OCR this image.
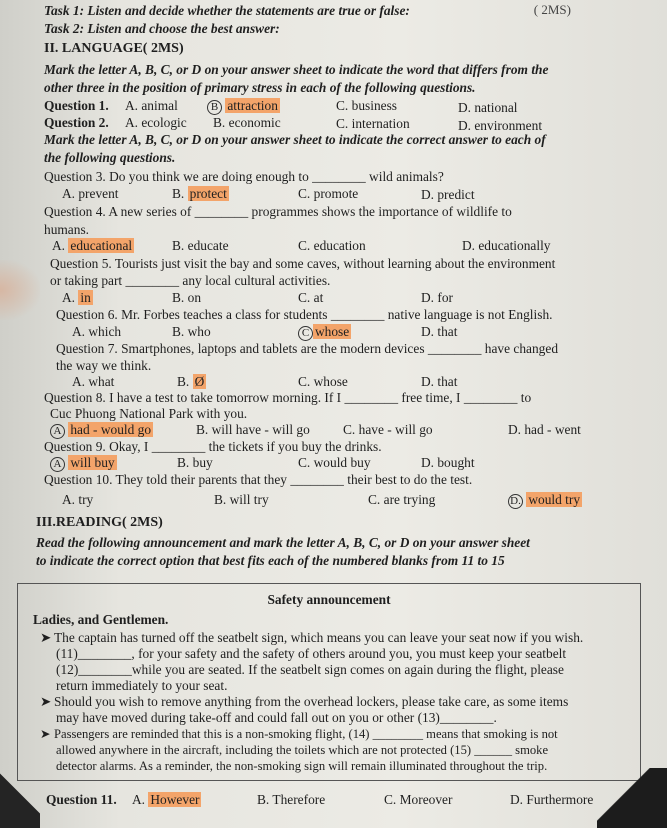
( 2MS)
Task 1: Listen and decide whether the statements are true or false:
Task 2: Listen and choose the best answer:
II. LANGUAGE( 2MS)
Mark the letter A, B, C, or D on your answer sheet to indicate the word that differs from the
other three in the position of primary stress in each of the following questions.
Question 1. A. animal	B attraction	C. business	D. national
Question 2. A. ecologic B. economic	C. internation	D. environment
Mark the letter A, B, C, or D on your answer sheet to indicate the correct answer to each of
the following questions.
Question 3. Do you think we are doing enough to ________ wild animals?
A. prevent	B. protect	C. promote	D. predict
Question 4. A new series of ________ programmes shows the importance of wildlife to
humans.
A. educational	B. educate	C. education	D. educationally
Question 5. Tourists just visit the bay and some caves, without learning about the environment
or taking part ________ any local cultural activities.
A. in	B. on	C. at	D. for
Question 6. Mr. Forbes teaches a class for students ________ native language is not English.
A. which	B. who	C whose	D. that
Question 7. Smartphones, laptops and tablets are the modern devices ________ have changed
the way we think.
A. what	B. Ø	C. whose	D. that
Question 8. I have a test to take tomorrow morning. If I ________ free time, I ________ to
Cuc Phuong National Park with you.
A had - would go	B. will have - will go C. have - will go	D. had - went
Question 9. Okay, I ________ the tickets if you buy the drinks.
A will buy	B. buy	C. would buy	D. bought
Question 10. They told their parents that they ________ their best to do the test.
A. try	B. will try	C. are trying	D. would try
III.READING( 2MS)
Read the following announcement and mark the letter A, B, C, or D on your answer sheet
to indicate the correct option that best fits each of the numbered blanks from 11 to 15
Safety announcement
Ladies, and Gentlemen.
➤ The captain has turned off the seatbelt sign, which means you can leave your seat now if you wish.
(11)________, for your safety and the safety of others around you, you must keep your seatbelt
(12)________while you are seated. If the seatbelt sign comes on again during the flight, please
return immediately to your seat.
➤ Should you wish to remove anything from the overhead lockers, please take care, as some items
may have moved during take-off and could fall out on you or other (13)________.
➤ Passengers are reminded that this is a non-smoking flight, (14) ________ means that smoking is not
allowed anywhere in the aircraft, including the toilets which are not protected (15) ______ smoke
detector alarms. As a reminder, the non-smoking sign will remain illuminated throughout the trip.
Question 11. A. However	B. Therefore	C. Moreover	D. Furthermore
